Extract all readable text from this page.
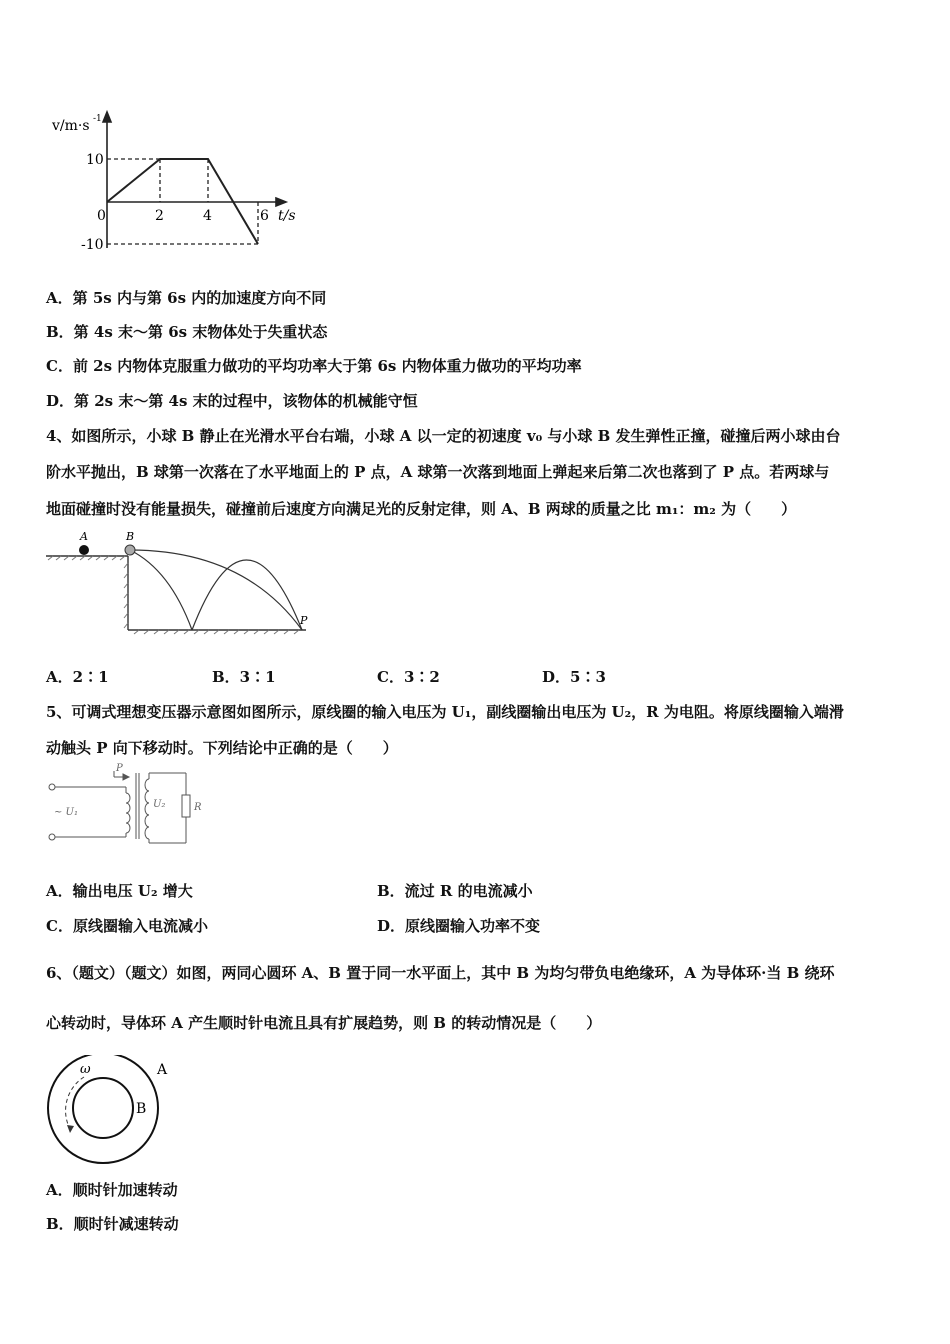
v/m·s -1
10
-10
0	2	4	6 t/s
A．第 5s 内与第 6s 内的加速度方向不同
B．第 4s 末～第 6s 末物体处于失重状态
C．前 2s 内物体克服重力做功的平均功率大于第 6s 内物体重力做功的平均功率
D．第 2s 末～第 4s 末的过程中，该物体的机械能守恒
4、如图所示，小球 B 静止在光滑水平台右端，小球 A 以一定的初速度 v₀ 与小球 B 发生弹性正撞，碰撞后两小球由台
阶水平抛出，B 球第一次落在了水平地面上的 P 点，A 球第一次落到地面上弹起来后第二次也落到了 P 点。若两球与
地面碰撞时没有能量损失，碰撞前后速度方向满足光的反射定律，则 A、B 两球的质量之比 m₁：m₂ 为（　　）
A	B
P
A．2∶1	B．3∶1	C．3∶2	D．5∶3
5、可调式理想变压器示意图如图所示，原线圈的输入电压为 U₁，副线圈输出电压为 U₂，R 为电阻。将原线圈输入端滑
动触头 P 向下移动时。下列结论中正确的是（　　）
P
~ U₁
U₂	R
A．输出电压 U₂ 增大	B．流过 R 的电流减小
C．原线圈输入电流减小	D．原线圈输入功率不变
6、（题文）（题文）如图，两同心圆环 A、B 置于同一水平面上，其中 B 为均匀带负电绝缘环，A 为导体环·当 B 绕环
心转动时，导体环 A 产生顺时针电流且具有扩展趋势，则 B 的转动情况是（　　）
ω	A
B
A．顺时针加速转动
B．顺时针减速转动
